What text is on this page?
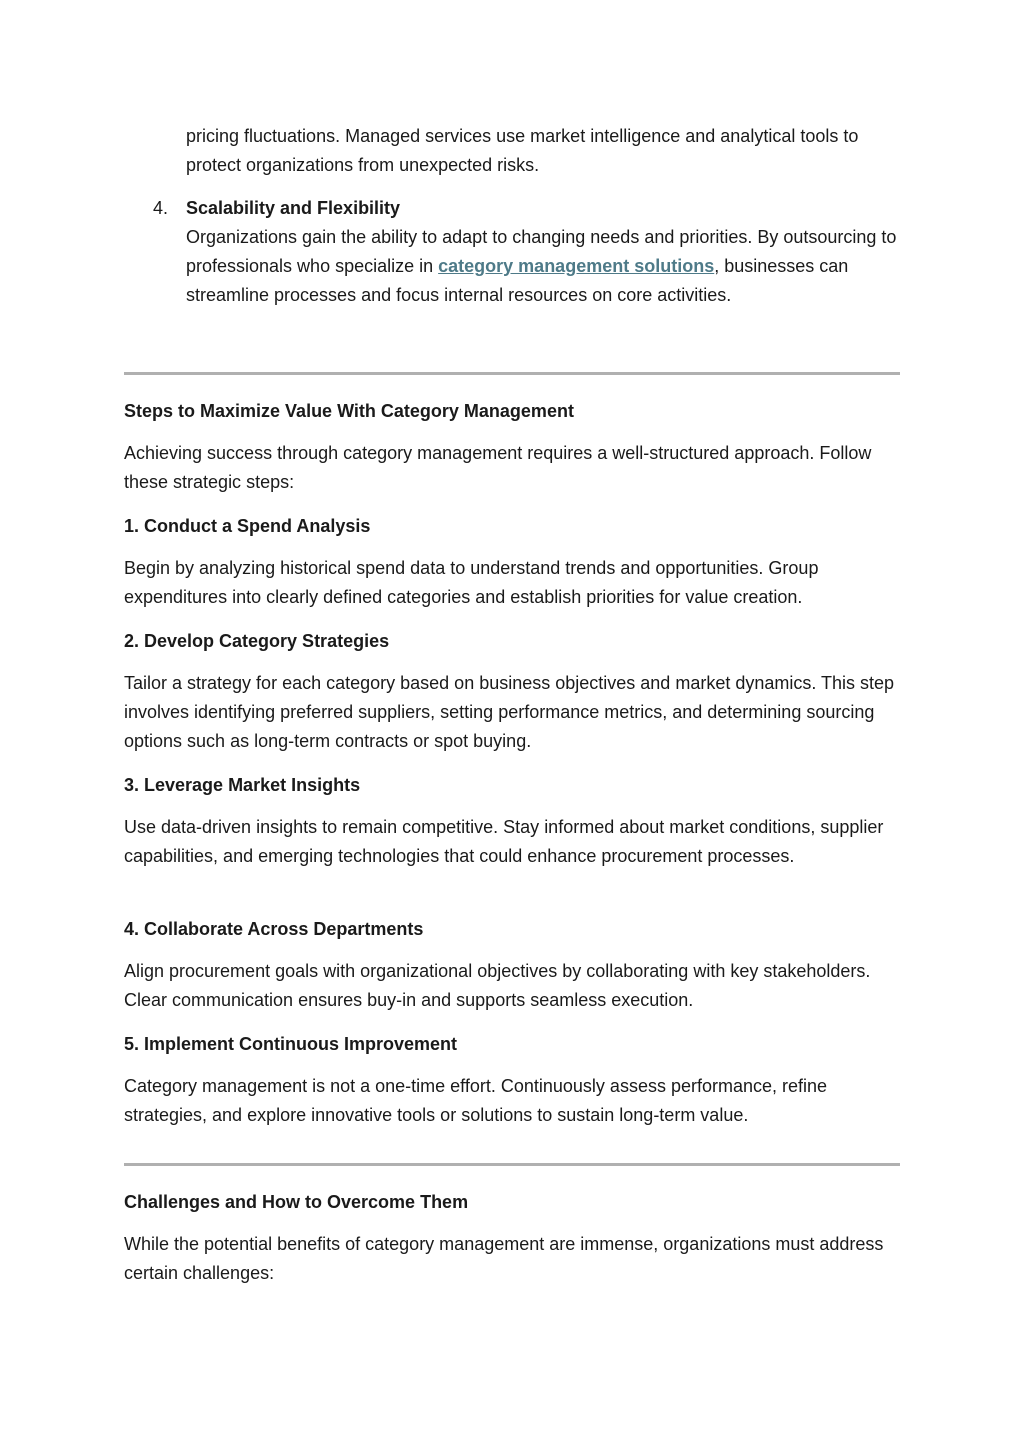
pricing fluctuations. Managed services use market intelligence and analytical tools to protect organizations from unexpected risks.

4. Scalability and Flexibility

Organizations gain the ability to adapt to changing needs and priorities. By outsourcing to professionals who specialize in category management solutions, businesses can streamline processes and focus internal resources on core activities.

Steps to Maximize Value With Category Management

Achieving success through category management requires a well-structured approach. Follow these strategic steps:

1. Conduct a Spend Analysis

Begin by analyzing historical spend data to understand trends and opportunities. Group expenditures into clearly defined categories and establish priorities for value creation.

2. Develop Category Strategies

Tailor a strategy for each category based on business objectives and market dynamics. This step involves identifying preferred suppliers, setting performance metrics, and determining sourcing options such as long-term contracts or spot buying.

3. Leverage Market Insights

Use data-driven insights to remain competitive. Stay informed about market conditions, supplier capabilities, and emerging technologies that could enhance procurement processes.

4. Collaborate Across Departments

Align procurement goals with organizational objectives by collaborating with key stakeholders. Clear communication ensures buy-in and supports seamless execution.

5. Implement Continuous Improvement

Category management is not a one-time effort. Continuously assess performance, refine strategies, and explore innovative tools or solutions to sustain long-term value.

Challenges and How to Overcome Them

While the potential benefits of category management are immense, organizations must address certain challenges:
